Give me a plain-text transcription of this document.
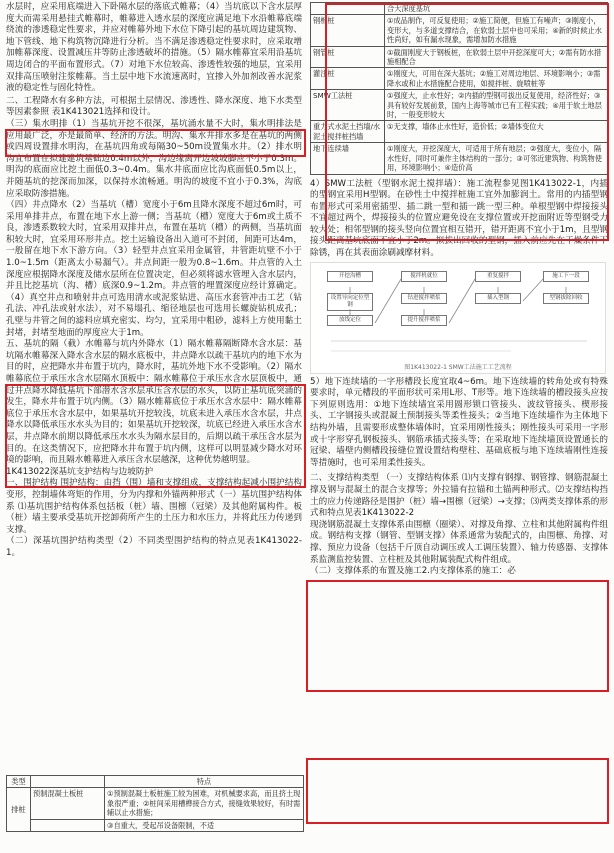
水层时，应采用底端进入下卧隔水层的落底式帷幕；（4）当坑底以下含水层厚度大而需采用悬挂式帷幕时，帷幕进入透水层的深度应满足地下水沿帷幕底端绕流的渗透稳定性要求，并应对帷幕外地下水位下降引起的基坑周边建筑物、地下管线、地下构筑物沉降进行分析。当不满足渗透稳定性要求时，应采取增加帷幕深度、设置减压井等防止渗透破坏的措施。（5）隔水帷幕宜采用沿基坑周边闭合的平面布置形式。（7）对地下水位较高、渗透性较强的地层，宜采用双排高压喷射注浆帷幕。当土层中地下水流速离时，宜掺入外加剂改善水泥浆液的稳定性与固化特性。

二、工程降水有多种方法，可根据土层情况、渗透性、降水深度、地下水类型等因素参照 表1K413021选择和设计。

（三）集水明排（1）当基坑开挖不很深，基坑涌水量不大时，集水明排法是应用最广泛，亦是最简单、经济的方法。明沟、集水井排水多是在基坑的两侧或四周设置排水明沟，在基坑四角或每隔30~50m设置集水井。（2）排水明沟宜布置在拟建建筑基础边0.4m以外，沟边缘离开边坡坡脚应不小于0.3m。明沟的底面应比挖土面低0.3~0.4m。集水井底面应比沟底面低0.5m以上，并随基坑的挖深而加深，以保持水流畅通。明沟的坡度不宜小于0.3%，沟底应采取防渗措施。

（四）井点降水（2）当基坑（槽）宽度小于6m且降水深度不超过6m时，可采用单排井点，布置在地下水上游一侧；当基坑（槽）宽度大于6m或土质不良，渗透系数较大时，宜采用双排井点，布置在基坑（槽）的两侧，当基坑面积较大时，宜采用环形井点。挖土运输设备出入道可不封闭，间距可达4m，一般留在地下水下游方向。（3）轻型井点宜采用金属管，井管距坑壁不小于1.0~1.5m（距离太小易漏气）。井点间距一般为0.8~1.6m。井点管的入土深度应根据降水深度及储水层所在位置决定，但必须将滤水管埋入含水层内，并且比挖基坑（沟、槽）底深0.9~1.2m。井点管的埋置深度应经计算确定。（4）真空井点和喷射井点可选用清水或泥浆钻进、高压水套管冲击工艺（钻孔法、冲孔法或射水法），对不易塌孔、缩径地层也可选用长螺旋钻机成孔；孔壁与井管之间的滤料应填充密实、均匀，宜采用中粗砂，滤料上方使用黏土封堵，封堵至地面的厚度应大于1m。

五、基坑的隔（截）水帷幕与坑内外降水（1）隔水帷幕隔断降水含水层：基坑隔水帷幕深入降水含水层的隔水底板中，井点降水以疏干基坑内的地下水为目的时，应把降水井布置于坑内，降水时，基坑外地下水不受影响。（2）隔水帷幕底位于承压水含水层隔水顶板中：隔水帷幕位于承压水含水层顶板中，通过井点降水降低基坑下部潜水含水层承压含水层的水头，以防止基坑底突涌的发生，降水井布置于坑内侧。（3）隔水帷幕底位于承压水含水层中：隔水帷幕底位于承压水含水层中，如果基坑开挖较浅，坑底未进入承压水含水层，井点降水以降低承压水水头为目的；如果基坑开挖较深，坑底已经进入承压水含水层，井点降水前期以降低承压水水头为隔水层目的，后期以疏干承压含水层为目的。在这类情况下，应把降水井布置于坑内侧，这样可以明显减少降水对环境的影响，而且隔水帷幕进入承压含水层越深，这种优势越明显。

1K413022深基坑支护结构与边坡防护

一、围护结构 围护结构：由挡（围）墙和支撑组成，支撑结构起减小围护结构变形，控制墙体弯矩的作用，分为内撑和外锚两种形式（一）基坑围护结构体系 ⑴基坑围护结构体系包括板（桩）墙、围檩（冠梁）及其他附属构件。板（桩）墙主要承受基坑开挖卸荷所产生的土压力和水压力，并将此压力传递到支撑。

（二）深基坑围护结构类型（2）不同类型围护结构的特点见表1K413022-1。

类型		特点
排桩	预制混凝土板桩	①预制混凝土板桩施工较为困难，对机械要求高，而且挤土现象很严重；②桩间采用槽榫接合方式，接缝效果较好，有时需辅以止水措施；
		③自重大，受起吊设备限制，不适
	合大深度基坑
钢板桩	①成品制作，可反复使用；②施工简便，但施工有噪声；③刚度小，变形大，与多道支撑结合，在软弱土层中也可采用；④新的时候止水性尚好，如有漏水现象，需增加防水措施
钢管桩	①截面刚度大于钢板桩，在软弱土层中开挖深度可大；②需有防水措施相配合
灌注桩	①刚度大，可用在深大基坑；②施工对周边地层、环境影响小；③需降水或和止水措施配合使用，如搅拌桩、旋喷桩等
SMW工法桩	①强度大，止水性好；②内插的型钢可拔出反复使用，经济性好；③具有较好发展前景，国内上海等城市已有工程实践；④用于软土地层时，一般变形较大
重力式水泥土挡墙/水泥土搅拌桩挡墙	①无支撑，墙体止水性好，造价低；②墙体变位大
地下连续墙	①刚度大，开挖深度大，可适用于所有地层；②强度大，变位小，隔水性好，同时可兼作主体结构的一部分；③可邻近建筑物、构筑物使用，环境影响小；④造价高

4）SMW工法桩（型钢水泥土搅拌墙）：施工流程参见图1K413022-1，内插的型钢宜采用H型钢。在砂性土中搅拌桩施工宜外加膨润土。常用的内插型钢布置形式可采用密插型、插二跳一型和插一跳一型三种。单根型钢中焊接接头不宜超过两个，焊接接头的位置应避免设在支撑位置或开挖面附近等型钢受力较大处；相邻型钢的接头竖向位置宜相互错开，错开距离不宜小于1m，且型钢接头距离基坑底面不宜小于2m。拟拔出回收的型钢，插入前应先在干燥条件下除锈，再在其表面涂刷减摩材料。

开挖沟槽
设置导向定位型钢
放线定位
搅拌机就位
钻进搅拌喷浆
提升搅拌喷浆
重复搅拌
插入型钢
施工下一段
型钢拔除回收
图1K413022-1 SMW工法施工工艺流程

5）地下连续墙的一字形槽段长度宜取4~6m。地下连续墙的转角处或有特殊要求时，单元槽段的平面形状可采用L形、T形等。地下连续墙的槽段接头应按下列原则选用：①地下连续墙宜采用圆形锁口管接头、波纹管接头、楔形接头、工字钢接头或混凝土预制接头等柔性接头；②当地下连续墙作为主体地下结构外墙，且需要形成整体墙体时，宜采用刚性接头；刚性接头可采用一字形或十字形穿孔钢板接头、钢筋承插式接头等；在采取地下连续墙顶设置通长的冠梁、墙壁内侧槽段接缝位置设置结构壁柱、基础底板与地下连续墙刚性连接等措施时，也可采用柔性接头。

二、支撑结构类型 （一）支撑结构体系 ⑴内支撑有钢撑、钢管撑、钢筋混凝土撑及钢与混凝土的混合支撑等；外拉锚有拉锚和土锚两种形式。⑵支撑结构挡土的应力传递路径是围护（桩）墙→围檩（冠梁）→支撑；⑶两类支撑体系的形式和特点见表1K413022-2

现浇钢筋混凝土支撑体系由围檩（圈梁）、对撑及角撑、立柱和其他附属构件组成。钢结构支撑（钢管、型钢支撑）体系通常为装配式的，由围檩、角撑、对撑、预应力设备（包括千斤顶自动调压或人工调压装置）、轴力传感器、支撑体系监测监控装置、立柱桩及其他附属装配式构件组成。

（二）支撑体系的布置及施工2.内支撑体系的施工：必
